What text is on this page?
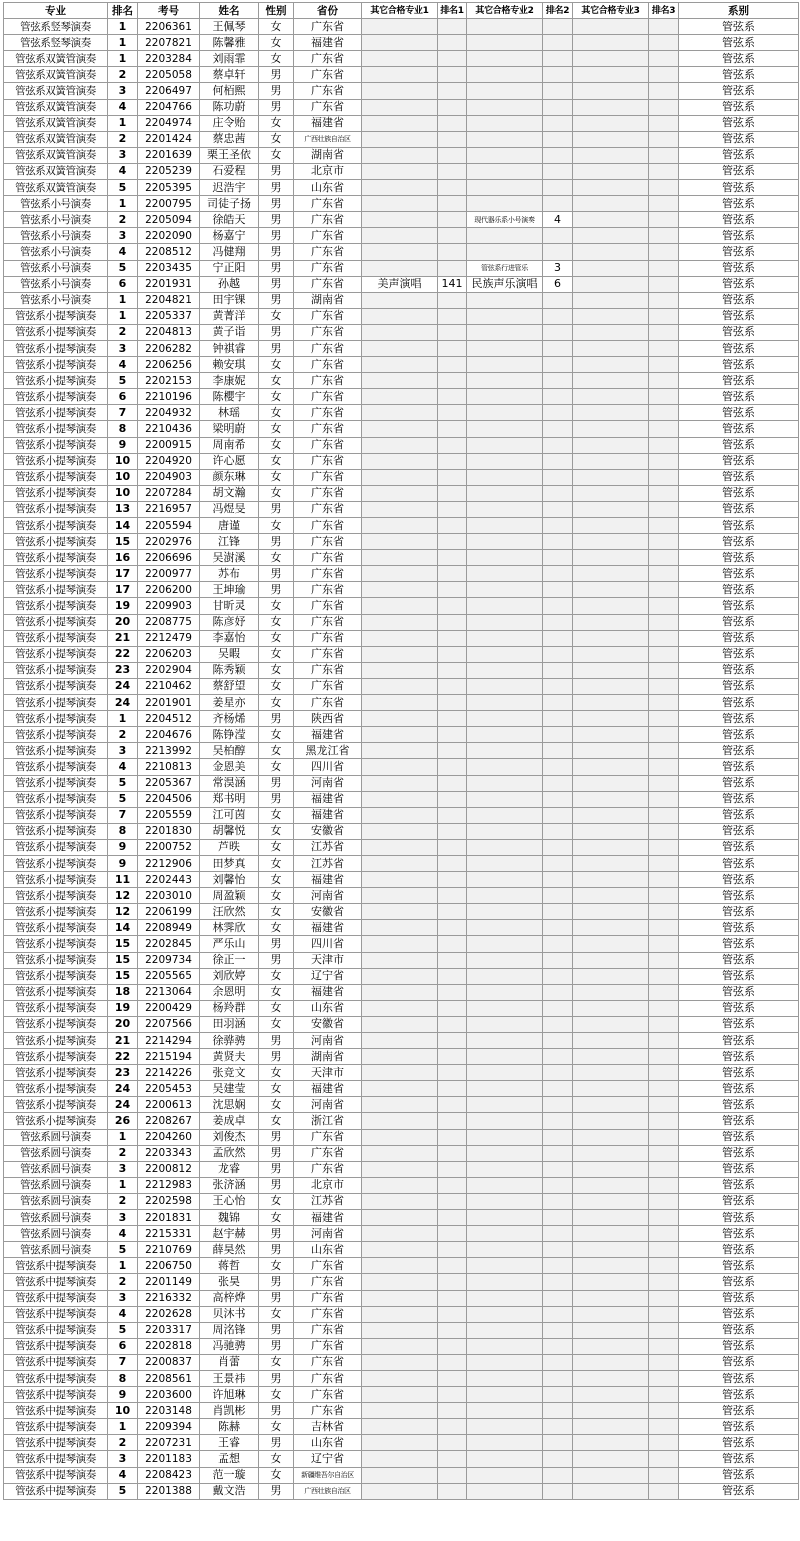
专业	排名	考号	姓名	性别	省份	其它合格专业1	排名1	其它合格专业2	排名2	其它合格专业3	排名3	系别
管弦系竖琴演奏	1	2206361	王佩琴	女	广东省							管弦系
管弦系竖琴演奏	1	2207821	陈馨雅	女	福建省							管弦系
管弦系双簧管演奏	1	2203284	刘雨霏	女	广东省							管弦系
管弦系双簧管演奏	2	2205058	蔡卓轩	男	广东省							管弦系
管弦系双簧管演奏	3	2206497	何栢熙	男	广东省							管弦系
管弦系双簧管演奏	4	2204766	陈功蔚	男	广东省							管弦系
管弦系双簧管演奏	1	2204974	庄令贻	女	福建省							管弦系
管弦系双簧管演奏	2	2201424	蔡忠茜	女	广西壮族自治区							管弦系
管弦系双簧管演奏	3	2201639	栗王圣依	女	湖南省							管弦系
管弦系双簧管演奏	4	2205239	石爱程	男	北京市							管弦系
管弦系双簧管演奏	5	2205395	迟浩宇	男	山东省							管弦系
管弦系小号演奏	1	2200795	司徒子扬	男	广东省							管弦系
管弦系小号演奏	2	2205094	徐皓天	男	广东省			现代器乐系小号演奏	4			管弦系
管弦系小号演奏	3	2202090	杨嘉宁	男	广东省							管弦系
管弦系小号演奏	4	2208512	冯健翔	男	广东省							管弦系
管弦系小号演奏	5	2203435	宁正阳	男	广东省			管弦系行进管乐	3			管弦系
管弦系小号演奏	6	2201931	孙越	男	广东省	美声演唱	141	民族声乐演唱	6			管弦系
管弦系小号演奏	1	2204821	田宇锞	男	湖南省							管弦系
管弦系小提琴演奏	1	2205337	黄菁洋	女	广东省							管弦系
管弦系小提琴演奏	2	2204813	黄子诣	男	广东省							管弦系
管弦系小提琴演奏	3	2206282	钟祺睿	男	广东省							管弦系
管弦系小提琴演奏	4	2206256	赖安琪	女	广东省							管弦系
管弦系小提琴演奏	5	2202153	李康妮	女	广东省							管弦系
管弦系小提琴演奏	6	2210196	陈櫻宇	女	广东省							管弦系
管弦系小提琴演奏	7	2204932	林瑶	女	广东省							管弦系
管弦系小提琴演奏	8	2210436	梁明蔚	女	广东省							管弦系
管弦系小提琴演奏	9	2200915	周南希	女	广东省							管弦系
管弦系小提琴演奏	10	2204920	许心愿	女	广东省							管弦系
管弦系小提琴演奏	10	2204903	颜东琳	女	广东省							管弦系
管弦系小提琴演奏	10	2207284	胡文瀚	女	广东省							管弦系
管弦系小提琴演奏	13	2216957	冯煜旻	男	广东省							管弦系
管弦系小提琴演奏	14	2205594	唐谨	女	广东省							管弦系
管弦系小提琴演奏	15	2202976	江锋	男	广东省							管弦系
管弦系小提琴演奏	16	2206696	吴澍溪	女	广东省							管弦系
管弦系小提琴演奏	17	2200977	苏布	男	广东省							管弦系
管弦系小提琴演奏	17	2206200	王坤瑜	男	广东省							管弦系
管弦系小提琴演奏	19	2209903	甘昕灵	女	广东省							管弦系
管弦系小提琴演奏	20	2208775	陈彦妤	女	广东省							管弦系
管弦系小提琴演奏	21	2212479	李嘉怡	女	广东省							管弦系
管弦系小提琴演奏	22	2206203	吴暇	女	广东省							管弦系
管弦系小提琴演奏	23	2202904	陈秀颖	女	广东省							管弦系
管弦系小提琴演奏	24	2210462	蔡舒望	女	广东省							管弦系
管弦系小提琴演奏	24	2201901	姜星亦	女	广东省							管弦系
管弦系小提琴演奏	1	2204512	齐杨烯	男	陕西省							管弦系
管弦系小提琴演奏	2	2204676	陈铮滢	女	福建省							管弦系
管弦系小提琴演奏	3	2213992	吴柏醇	女	黑龙江省							管弦系
管弦系小提琴演奏	4	2210813	金恩美	女	四川省							管弦系
管弦系小提琴演奏	5	2205367	常淏涵	男	河南省							管弦系
管弦系小提琴演奏	5	2204506	郑书明	男	福建省							管弦系
管弦系小提琴演奏	7	2205559	江可茵	女	福建省							管弦系
管弦系小提琴演奏	8	2201830	胡馨悦	女	安徽省							管弦系
管弦系小提琴演奏	9	2200752	芦昳	女	江苏省							管弦系
管弦系小提琴演奏	9	2212906	田梦真	女	江苏省							管弦系
管弦系小提琴演奏	11	2202443	刘馨怡	女	福建省							管弦系
管弦系小提琴演奏	12	2203010	周盈颖	女	河南省							管弦系
管弦系小提琴演奏	12	2206199	汪欣然	女	安徽省							管弦系
管弦系小提琴演奏	14	2208949	林霁欣	女	福建省							管弦系
管弦系小提琴演奏	15	2202845	严乐山	男	四川省							管弦系
管弦系小提琴演奏	15	2209734	徐正一	男	天津市							管弦系
管弦系小提琴演奏	15	2205565	刘欣婷	女	辽宁省							管弦系
管弦系小提琴演奏	18	2213064	余恩明	女	福建省							管弦系
管弦系小提琴演奏	19	2200429	杨羚群	女	山东省							管弦系
管弦系小提琴演奏	20	2207566	田羽涵	女	安徽省							管弦系
管弦系小提琴演奏	21	2214294	徐骅骋	男	河南省							管弦系
管弦系小提琴演奏	22	2215194	黄贤夫	男	湖南省							管弦系
管弦系小提琴演奏	23	2214226	张竞文	女	天津市							管弦系
管弦系小提琴演奏	24	2205453	吴建莹	女	福建省							管弦系
管弦系小提琴演奏	24	2200613	沈思娴	女	河南省							管弦系
管弦系小提琴演奏	26	2208267	姜成卓	女	浙江省							管弦系
管弦系圆号演奏	1	2204260	刘俊杰	男	广东省							管弦系
管弦系圆号演奏	2	2203343	孟欣然	男	广东省							管弦系
管弦系圆号演奏	3	2200812	龙睿	男	广东省							管弦系
管弦系圆号演奏	1	2212983	张济涵	男	北京市							管弦系
管弦系圆号演奏	2	2202598	王心怡	女	江苏省							管弦系
管弦系圆号演奏	3	2201831	魏锦	女	福建省							管弦系
管弦系圆号演奏	4	2215331	赵宇赫	男	河南省							管弦系
管弦系圆号演奏	5	2210769	薛昊然	男	山东省							管弦系
管弦系中提琴演奏	1	2206750	蒋哲	女	广东省							管弦系
管弦系中提琴演奏	2	2201149	张昊	男	广东省							管弦系
管弦系中提琴演奏	3	2216332	高梓烨	男	广东省							管弦系
管弦系中提琴演奏	4	2202628	贝沐书	女	广东省							管弦系
管弦系中提琴演奏	5	2203317	周洺锋	男	广东省							管弦系
管弦系中提琴演奏	6	2202818	冯驰骋	男	广东省							管弦系
管弦系中提琴演奏	7	2200837	肖蕾	女	广东省							管弦系
管弦系中提琴演奏	8	2208561	王景祎	男	广东省							管弦系
管弦系中提琴演奏	9	2203600	许旭琳	女	广东省							管弦系
管弦系中提琴演奏	10	2203148	肖凯彬	男	广东省							管弦系
管弦系中提琴演奏	1	2209394	陈赫	女	吉林省							管弦系
管弦系中提琴演奏	2	2207231	王睿	男	山东省							管弦系
管弦系中提琴演奏	3	2201183	孟想	女	辽宁省							管弦系
管弦系中提琴演奏	4	2208423	范一璇	女	新疆维吾尔自治区							管弦系
管弦系中提琴演奏	5	2201388	戴文浩	男	广西壮族自治区							管弦系
